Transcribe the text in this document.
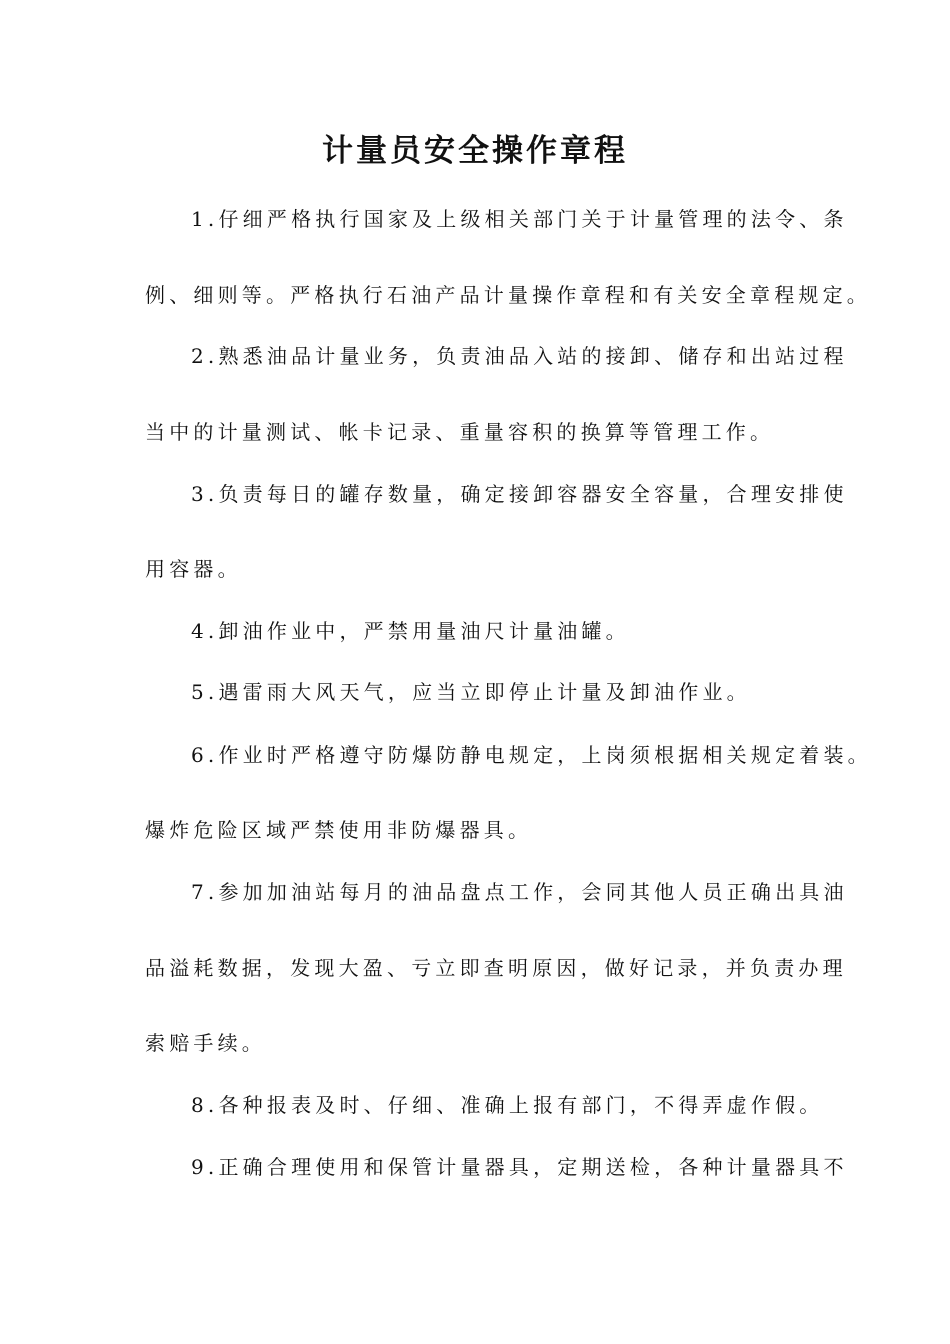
计量员安全操作章程
1.仔细严格执行国家及上级相关部门关于计量管理的法令、条
例、细则等。严格执行石油产品计量操作章程和有关安全章程规定。
2.熟悉油品计量业务，负责油品入站的接卸、储存和出站过程
当中的计量测试、帐卡记录、重量容积的换算等管理工作。
3.负责每日的罐存数量，确定接卸容器安全容量，合理安排使
用容器。
4.卸油作业中，严禁用量油尺计量油罐。
5.遇雷雨大风天气，应当立即停止计量及卸油作业。
6.作业时严格遵守防爆防静电规定，上岗须根据相关规定着装。
爆炸危险区域严禁使用非防爆器具。
7.参加加油站每月的油品盘点工作，会同其他人员正确出具油
品溢耗数据，发现大盈、亏立即查明原因，做好记录，并负责办理
索赔手续。
8.各种报表及时、仔细、准确上报有部门，不得弄虚作假。
9.正确合理使用和保管计量器具，定期送检，各种计量器具不
